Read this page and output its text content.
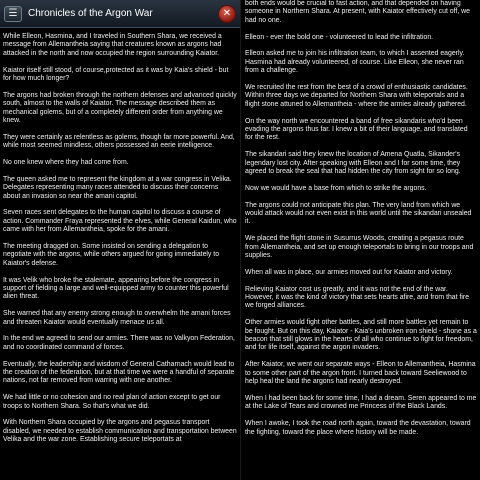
☰	Chronicles of the Argon War

While Elleon, Hasmina, and I traveled in Southern Shara, we received a message from Allemantheia saying that creatures known as argons had attacked in the north and now occupied the region surrounding Kaiator.

Kaiator itself still stood, of course,protected as it was by Kaia's shield - but for how much longer?

The argons had broken through the northern defenses and advanced quickly south, almost to the walls of Kaiator. The message described them as mechanical golems, but of a completely different order from anything we knew.

They were certainly as relentless as golems, though far more powerful. And, while most seemed mindless, others possessed an eerie intelligence.

No one knew where they had come from.

The queen asked me to represent the kingdom at a war congress in Velika. Delegates representing many races attended to discuss their concerns about an invasion so near the amani capitol.

Seven races sent delegates to the human capitol to discuss a course of action. Commander Fraya represented the elves, while General Kaidun, who came with her from Allemantheia, spoke for the amani.

The meeting dragged on. Some insisted on sending a delegation to negotiate with the argons, while others argued for going immediately to Kaiator's defense.

It was Velik who broke the stalemate, appearing before the congress in support of fielding a large and well-equipped army to counter this powerful alien threat.

She warned that any enemy strong enough to overwhelm the amani forces and threaten Kaiator would eventually menace us all.

In the end we agreed to send our armies. There was no Valkyon Federation, and no coordinated command of forces.

Eventually, the leadership and wisdom of General Catharnach would lead to the creation of the federation, but at that time we were a handful of separate nations, not far removed from warring with one another.

We had little or no cohesion and no real plan of action except to get our troops to Northern Shara. So that's what we did.

With Northern Shara occupied by the argons and pegasus transport disabled, we needed to establish communication and transportation between Velika and the war zone. Establishing secure teleportats at

both ends would be crucial to fast action, and that depended on having someone in Northern Shara. At present, with Kaiator effectively cut off, we had no one.

Elleon - ever the bold one - volunteered to lead the infiltration.

Elleon asked me to join his infiltration team, to which I assented eagerly. Hasmina had already volunteered, of course. Like Elleon, she never ran from a challenge.

We recruited the rest from the best of a crowd of enthusiastic candidates. Within three days we departed for Northern Shara with teleportals and a flight stone attuned to Allemantheia - where the armies already gathered.

On the way north we encountered a band of free sikandaris who'd been evading the argons thus far. I knew a bit of their language, and translated for the rest.

The sikandari said they knew the location of Amena Quatla, Sikander's legendary lost city. After speaking with Elleon and I for some time, they agreed to break the seal that had hidden the city from sight for so long.

Now we would have a base from which to strike the argons.

The argons could not anticipate this plan. The very land from which we would attack would not even exist in this world until the sikandari unsealed it.

We placed the flight stone in Susurrus Woods, creating a pegasus route from Allemantheia, and set up enough teleportals to bring in our troops and supplies.

When all was in place, our armies moved out for Kaiator and victory.

Relieving Kaiator cost us greatly, and it was not the end of the war. However, it was the kind of victory that sets hearts afire, and from that fire we forged alliances.

Other armies would fight other battles, and still more battles yet remain to be fought. But on this day, Kaiator - Kaia's unbroken iron shield - shone as a beacon that still glows in the hearts of all who continue to fight for freedom, and for life itself, against the argon invaders.

After Kaiator, we went our separate ways - Elleon to Allemantheia, Hasmina to some other part of the argon front. I turned back toward Seeliewood to help heal the land the argons had nearly destroyed.

When I had been back for some time, I had a dream. Seren appeared to me at the Lake of Tears and crowned me Princess of the Black Lands.

When I awoke, I took the road north again, toward the devastation, toward the fighting, toward the place where history will be made.

✕
